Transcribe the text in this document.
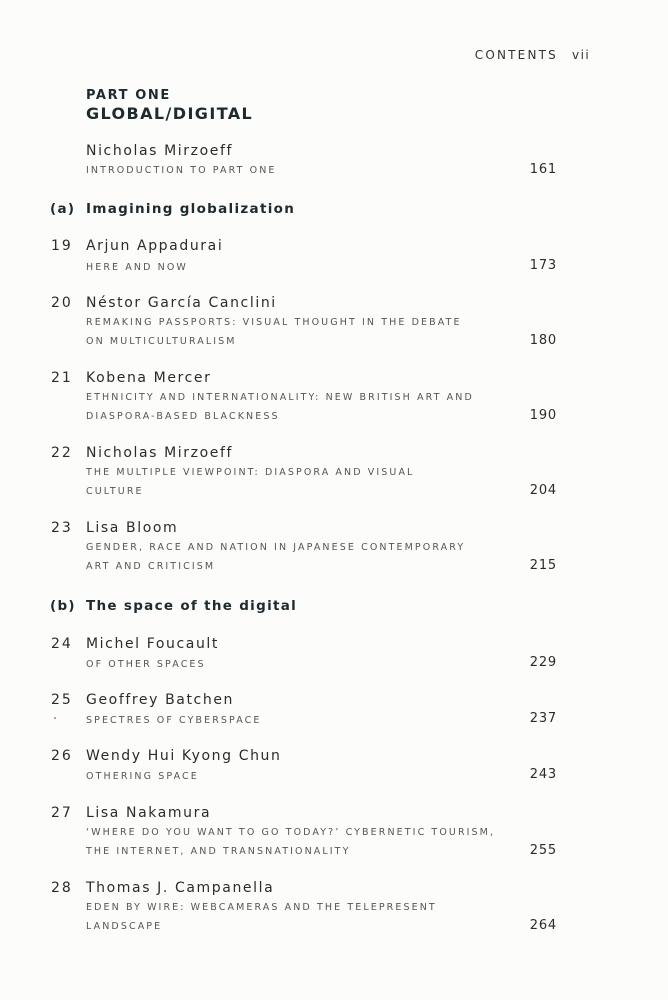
CONTENTS vii
PART ONE
GLOBAL/DIGITAL
Nicholas Mirzoeff
INTRODUCTION TO PART ONE	161
(a) Imagining globalization
19 Arjun Appadurai
HERE AND NOW	173
20 Néstor García Canclini
REMAKING PASSPORTS: VISUAL THOUGHT IN THE DEBATE
ON MULTICULTURALISM	180
21 Kobena Mercer
ETHNICITY AND INTERNATIONALITY: NEW BRITISH ART AND
DIASPORA-BASED BLACKNESS	190
22 Nicholas Mirzoeff
THE MULTIPLE VIEWPOINT: DIASPORA AND VISUAL
CULTURE	204
23 Lisa Bloom
GENDER, RACE AND NATION IN JAPANESE CONTEMPORARY
ART AND CRITICISM	215
(b) The space of the digital
24 Michel Foucault
OF OTHER SPACES	229
25 Geoffrey Batchen
SPECTRES OF CYBERSPACE	237
26 Wendy Hui Kyong Chun
OTHERING SPACE	243
27 Lisa Nakamura
‘WHERE DO YOU WANT TO GO TODAY?’ CYBERNETIC TOURISM,
THE INTERNET, AND TRANSNATIONALITY	255
28 Thomas J. Campanella
EDEN BY WIRE: WEBCAMERAS AND THE TELEPRESENT
LANDSCAPE	264
